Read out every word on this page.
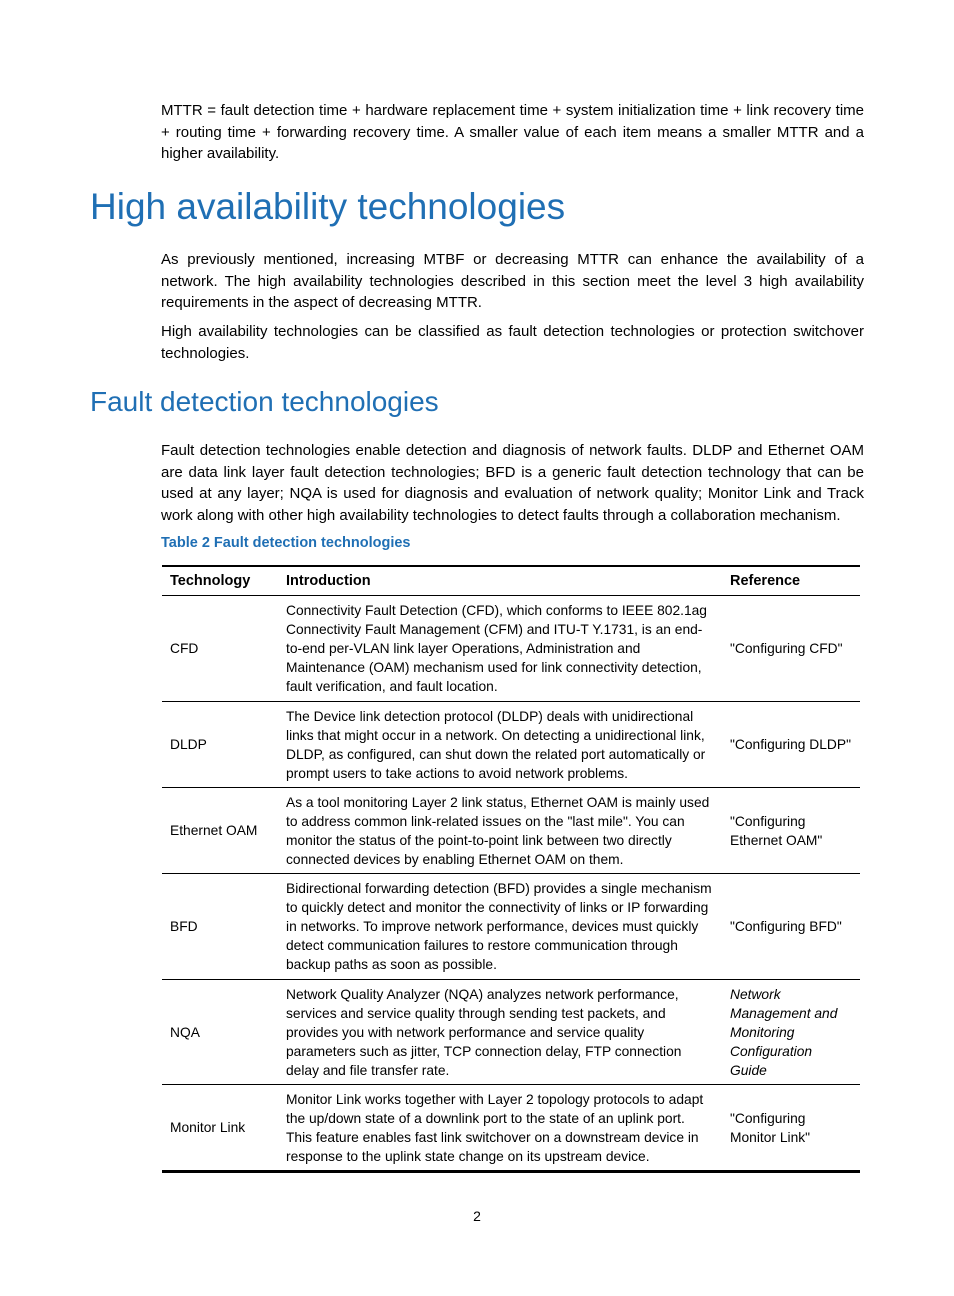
MTTR = fault detection time + hardware replacement time + system initialization time + link recovery time + routing time + forwarding recovery time. A smaller value of each item means a smaller MTTR and a higher availability.

High availability technologies

As previously mentioned, increasing MTBF or decreasing MTTR can enhance the availability of a network. The high availability technologies described in this section meet the level 3 high availability requirements in the aspect of decreasing MTTR.

High availability technologies can be classified as fault detection technologies or protection switchover technologies.

Fault detection technologies

Fault detection technologies enable detection and diagnosis of network faults. DLDP and Ethernet OAM are data link layer fault detection technologies; BFD is a generic fault detection technology that can be used at any layer; NQA is used for diagnosis and evaluation of network quality; Monitor Link and Track work along with other high availability technologies to detect faults through a collaboration mechanism.

Table 2 Fault detection technologies

Technology	Introduction	Reference
CFD	Connectivity Fault Detection (CFD), which conforms to IEEE 802.1ag Connectivity Fault Management (CFM) and ITU-T Y.1731, is an end-to-end per-VLAN link layer Operations, Administration and Maintenance (OAM) mechanism used for link connectivity detection, fault verification, and fault location.	"Configuring CFD"
DLDP	The Device link detection protocol (DLDP) deals with unidirectional links that might occur in a network. On detecting a unidirectional link, DLDP, as configured, can shut down the related port automatically or prompt users to take actions to avoid network problems.	"Configuring DLDP"
Ethernet OAM	As a tool monitoring Layer 2 link status, Ethernet OAM is mainly used to address common link-related issues on the "last mile". You can monitor the status of the point-to-point link between two directly connected devices by enabling Ethernet OAM on them.	"Configuring Ethernet OAM"
BFD	Bidirectional forwarding detection (BFD) provides a single mechanism to quickly detect and monitor the connectivity of links or IP forwarding in networks. To improve network performance, devices must quickly detect communication failures to restore communication through backup paths as soon as possible.	"Configuring BFD"
NQA	Network Quality Analyzer (NQA) analyzes network performance, services and service quality through sending test packets, and provides you with network performance and service quality parameters such as jitter, TCP connection delay, FTP connection delay and file transfer rate.	Network Management and Monitoring Configuration Guide
Monitor Link	Monitor Link works together with Layer 2 topology protocols to adapt the up/down state of a downlink port to the state of an uplink port. This feature enables fast link switchover on a downstream device in response to the uplink state change on its upstream device.	"Configuring Monitor Link"
2
